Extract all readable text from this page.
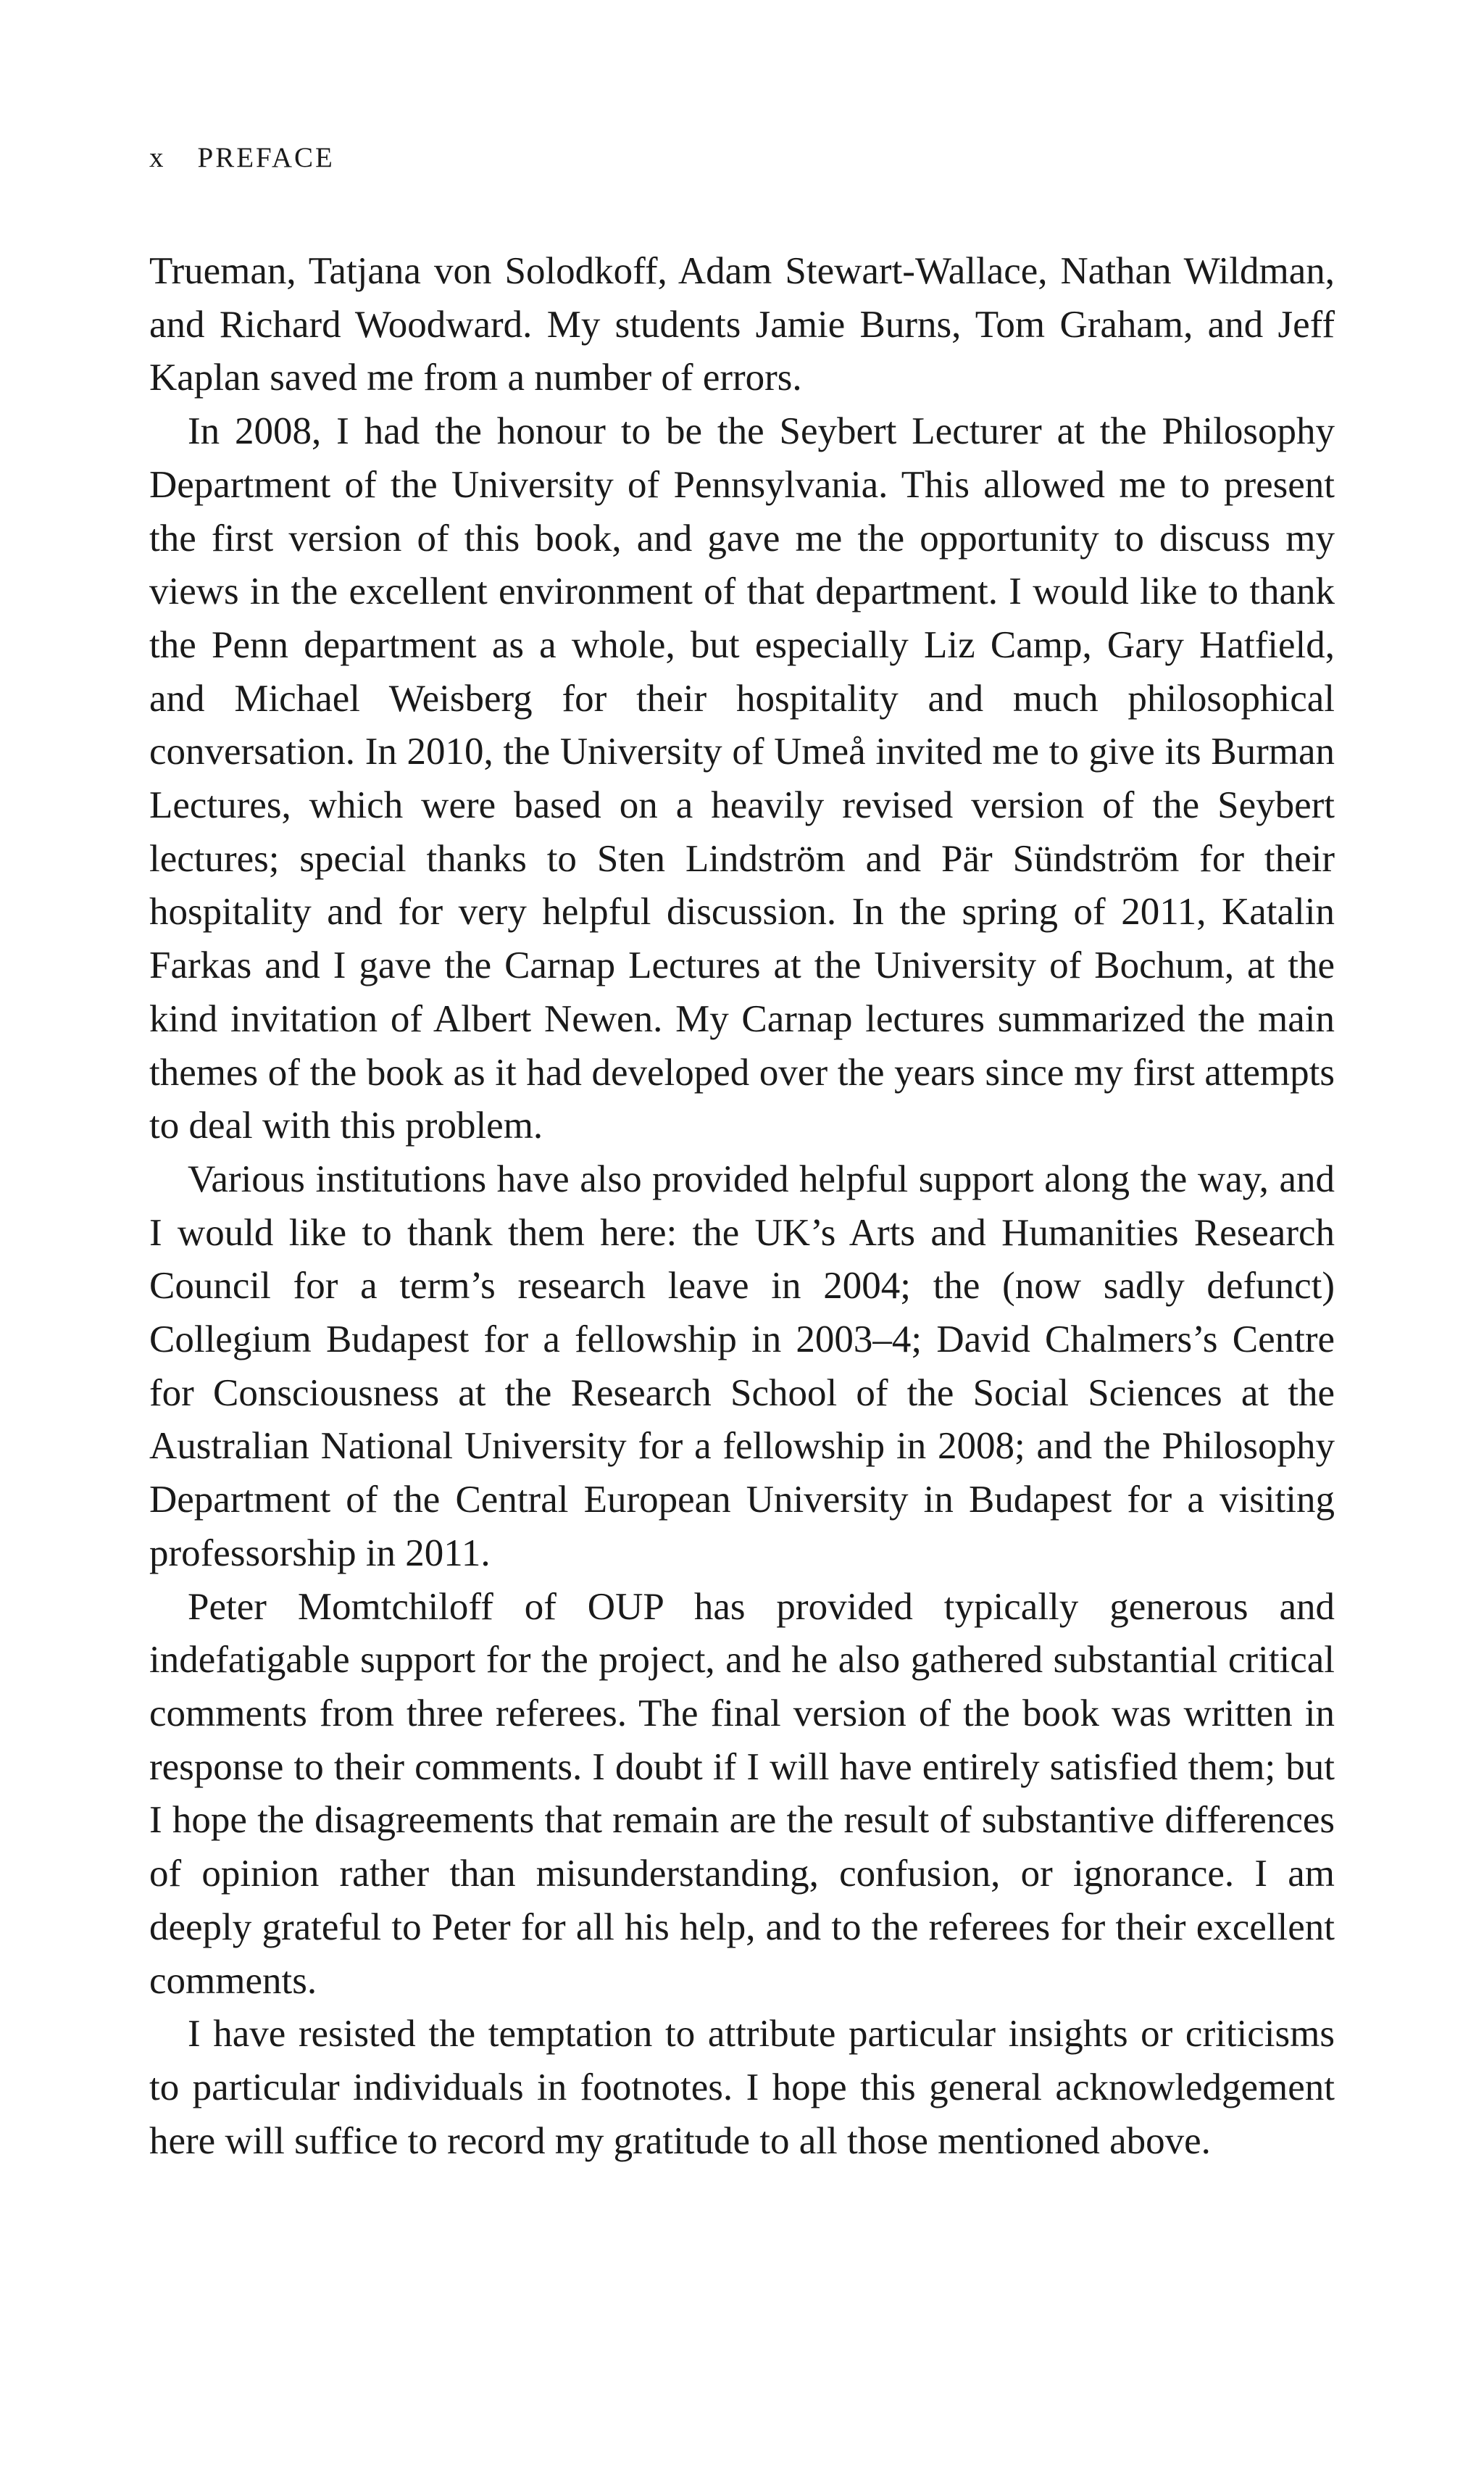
x PREFACE

Trueman, Tatjana von Solodkoff, Adam Stewart-Wallace, Nathan Wildman, and Richard Woodward. My students Jamie Burns, Tom Graham, and Jeff Kaplan saved me from a number of errors.

In 2008, I had the honour to be the Seybert Lecturer at the Philosophy Department of the University of Pennsylvania. This allowed me to present the first version of this book, and gave me the opportunity to discuss my views in the excellent environment of that department. I would like to thank the Penn department as a whole, but especially Liz Camp, Gary Hatfield, and Michael Weisberg for their hospitality and much philosophical conversation. In 2010, the University of Umeå invited me to give its Burman Lectures, which were based on a heavily revised version of the Seybert lectures; special thanks to Sten Lindström and Pär Sündström for their hospitality and for very helpful discussion. In the spring of 2011, Katalin Farkas and I gave the Carnap Lectures at the University of Bochum, at the kind invitation of Albert Newen. My Carnap lectures summarized the main themes of the book as it had developed over the years since my first attempts to deal with this problem.

Various institutions have also provided helpful support along the way, and I would like to thank them here: the UK’s Arts and Humanities Research Council for a term’s research leave in 2004; the (now sadly defunct) Collegium Budapest for a fellowship in 2003–4; David Chalmers’s Centre for Consciousness at the Research School of the Social Sciences at the Australian National University for a fellowship in 2008; and the Philosophy Department of the Central European University in Budapest for a visiting professorship in 2011.

Peter Momtchiloff of OUP has provided typically generous and indefatigable support for the project, and he also gathered substantial critical comments from three referees. The final version of the book was written in response to their comments. I doubt if I will have entirely satisfied them; but I hope the disagreements that remain are the result of substantive differences of opinion rather than misunderstanding, confusion, or ignorance. I am deeply grateful to Peter for all his help, and to the referees for their excellent comments.

I have resisted the temptation to attribute particular insights or criticisms to particular individuals in footnotes. I hope this general acknowledgement here will suffice to record my gratitude to all those mentioned above.
